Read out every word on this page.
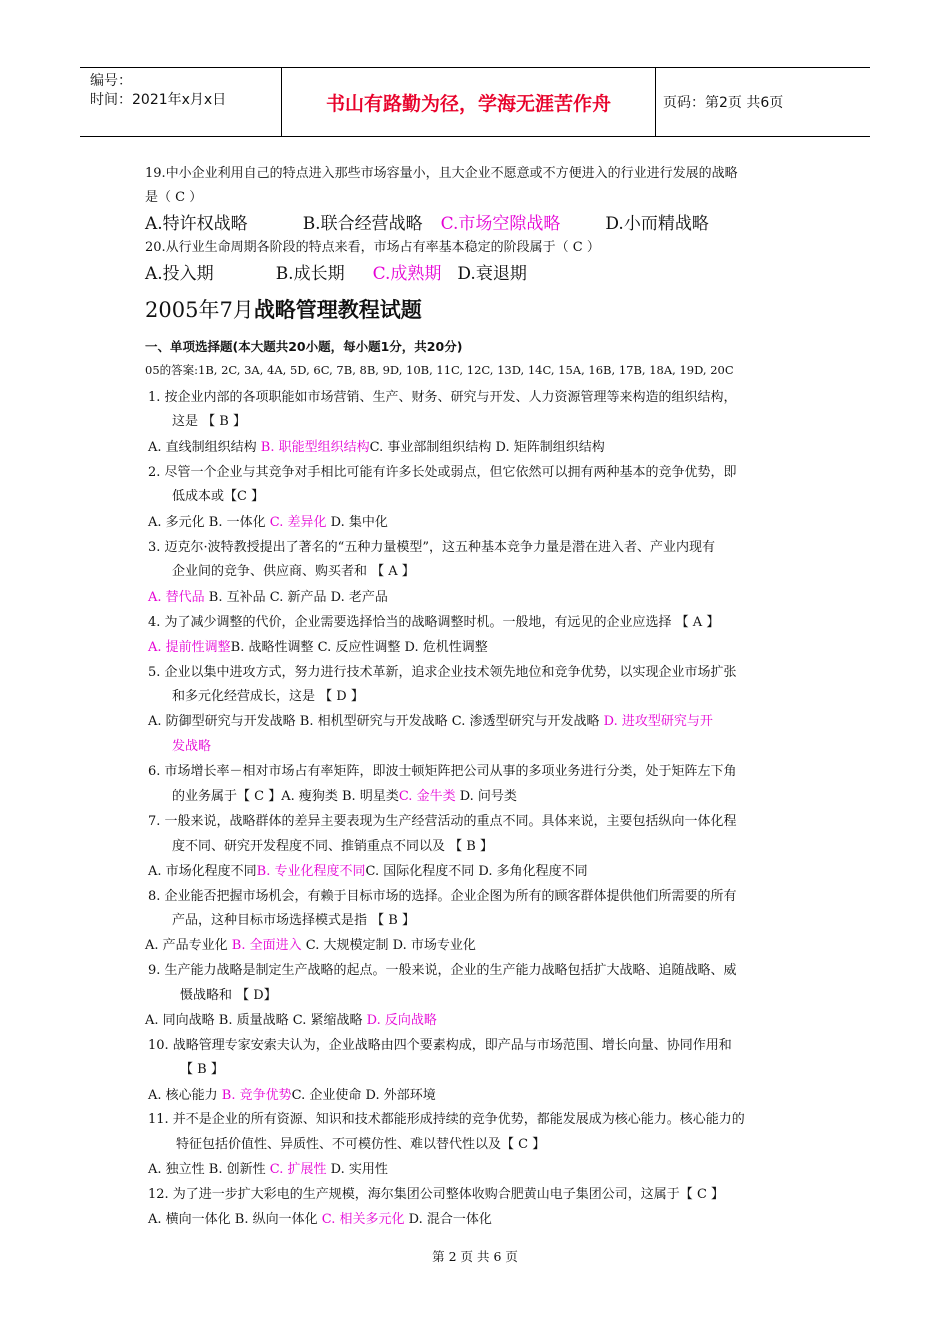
编号：
时间：2021年x月x日	书山有路勤为径，学海无涯苦作舟	页码：第2页 共6页
19.中小企业利用自己的特点进入那些市场容量小，且大企业不愿意或不方便进入的行业进行发展的战略
是（ C ）
A.特许权战略	B.联合经营战略 C.市场空隙战略	D.小而精战略
20.从行业生命周期各阶段的特点来看，市场占有率基本稳定的阶段属于（ C ）
A.投入期	B.成长期 C.成熟期 D.衰退期
2005年7月战略管理教程试题
一、单项选择题(本大题共20小题，每小题1分，共20分)
05的答案:1B, 2C, 3A, 4A, 5D, 6C, 7B, 8B, 9D, 10B, 11C, 12C, 13D, 14C, 15A, 16B, 17B, 18A, 19D, 20C
1. 按企业内部的各项职能如市场营销、生产、财务、研究与开发、人力资源管理等来构造的组织结构，
这是 【 B 】
A. 直线制组织结构 B. 职能型组织结构C. 事业部制组织结构 D. 矩阵制组织结构
2. 尽管一个企业与其竞争对手相比可能有许多长处或弱点，但它依然可以拥有两种基本的竞争优势，即
低成本或【C 】
A. 多元化 B. 一体化 C. 差异化 D. 集中化
3. 迈克尔·波特教授提出了著名的“五种力量模型”，这五种基本竞争力量是潜在进入者、产业内现有
企业间的竞争、供应商、购买者和 【 A 】
A. 替代品 B. 互补品 C. 新产品 D. 老产品
4. 为了减少调整的代价，企业需要选择恰当的战略调整时机。一般地，有远见的企业应选择 【 A 】
A. 提前性调整B. 战略性调整 C. 反应性调整 D. 危机性调整
5. 企业以集中进攻方式，努力进行技术革新，追求企业技术领先地位和竞争优势，以实现企业市场扩张
和多元化经营成长，这是 【 D 】
A. 防御型研究与开发战略 B. 相机型研究与开发战略 C. 渗透型研究与开发战略 D. 进攻型研究与开
发战略
6. 市场增长率－相对市场占有率矩阵，即波士顿矩阵把公司从事的多项业务进行分类，处于矩阵左下角
的业务属于【 C 】A. 瘦狗类 B. 明星类C. 金牛类 D. 问号类
7. 一般来说，战略群体的差异主要表现为生产经营活动的重点不同。具体来说，主要包括纵向一体化程
度不同、研究开发程度不同、推销重点不同以及 【 B 】
A. 市场化程度不同B. 专业化程度不同C. 国际化程度不同 D. 多角化程度不同
8. 企业能否把握市场机会，有赖于目标市场的选择。企业企图为所有的顾客群体提供他们所需要的所有
产品，这种目标市场选择模式是指 【 B 】
A. 产品专业化 B. 全面进入 C. 大规模定制 D. 市场专业化
9. 生产能力战略是制定生产战略的起点。一般来说，企业的生产能力战略包括扩大战略、追随战略、威
慑战略和 【 D】
A. 同向战略 B. 质量战略 C. 紧缩战略 D. 反向战略
10. 战略管理专家安索夫认为，企业战略由四个要素构成，即产品与市场范围、增长向量、协同作用和
【 B 】
A. 核心能力 B. 竞争优势C. 企业使命 D. 外部环境
11. 并不是企业的所有资源、知识和技术都能形成持续的竞争优势，都能发展成为核心能力。核心能力的
特征包括价值性、异质性、不可模仿性、难以替代性以及【 C 】
A. 独立性 B. 创新性 C. 扩展性 D. 实用性
12. 为了进一步扩大彩电的生产规模，海尔集团公司整体收购合肥黄山电子集团公司，这属于【 C 】
A. 横向一体化 B. 纵向一体化 C. 相关多元化 D. 混合一体化
第 2 页 共 6 页
